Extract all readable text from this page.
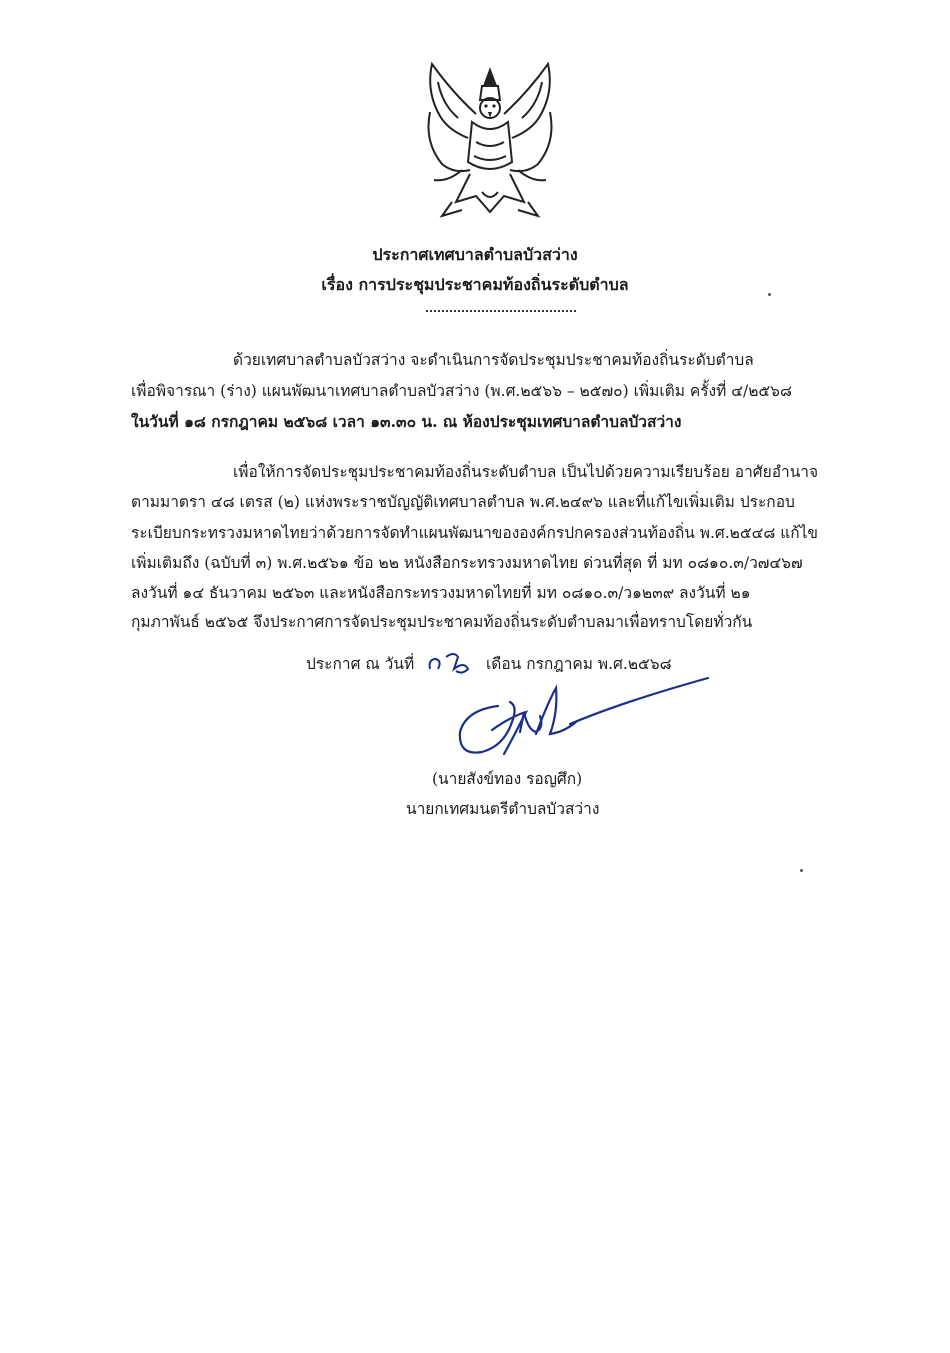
ประกาศเทศบาลตำบลบัวสว่าง
เรื่อง การประชุมประชาคมท้องถิ่นระดับตำบล
ด้วยเทศบาลตำบลบัวสว่าง จะดำเนินการจัดประชุมประชาคมท้องถิ่นระดับตำบล
เพื่อพิจารณา (ร่าง) แผนพัฒนาเทศบาลตำบลบัวสว่าง (พ.ศ.๒๕๖๖ – ๒๕๗๐) เพิ่มเติม ครั้งที่ ๔/๒๕๖๘
ในวันที่ ๑๘ กรกฎาคม ๒๕๖๘ เวลา ๑๓.๓๐ น. ณ ห้องประชุมเทศบาลตำบลบัวสว่าง
เพื่อให้การจัดประชุมประชาคมท้องถิ่นระดับตำบล เป็นไปด้วยความเรียบร้อย อาศัยอำนาจ
ตามมาตรา ๔๘ เตรส (๒) แห่งพระราชบัญญัติเทศบาลตำบล พ.ศ.๒๔๙๖ และที่แก้ไขเพิ่มเติม ประกอบ
ระเบียบกระทรวงมหาดไทยว่าด้วยการจัดทำแผนพัฒนาขององค์กรปกครองส่วนท้องถิ่น พ.ศ.๒๕๔๘ แก้ไข
เพิ่มเติมถึง (ฉบับที่ ๓) พ.ศ.๒๕๖๑ ข้อ ๒๒ หนังสือกระทรวงมหาดไทย ด่วนที่สุด ที่ มท ๐๘๑๐.๓/ว๗๔๖๗
ลงวันที่ ๑๔ ธันวาคม ๒๕๖๓ และหนังสือกระทรวงมหาดไทยที่ มท ๐๘๑๐.๓/ว๑๒๓๙ ลงวันที่ ๒๑
กุมภาพันธ์ ๒๕๖๕ จึงประกาศการจัดประชุมประชาคมท้องถิ่นระดับตำบลมาเพื่อทราบโดยทั่วกัน
ประกาศ ณ วันที่	เดือน กรกฎาคม พ.ศ.๒๕๖๘
(นายสังข์ทอง รอญศึก)
นายกเทศมนตรีตำบลบัวสว่าง
